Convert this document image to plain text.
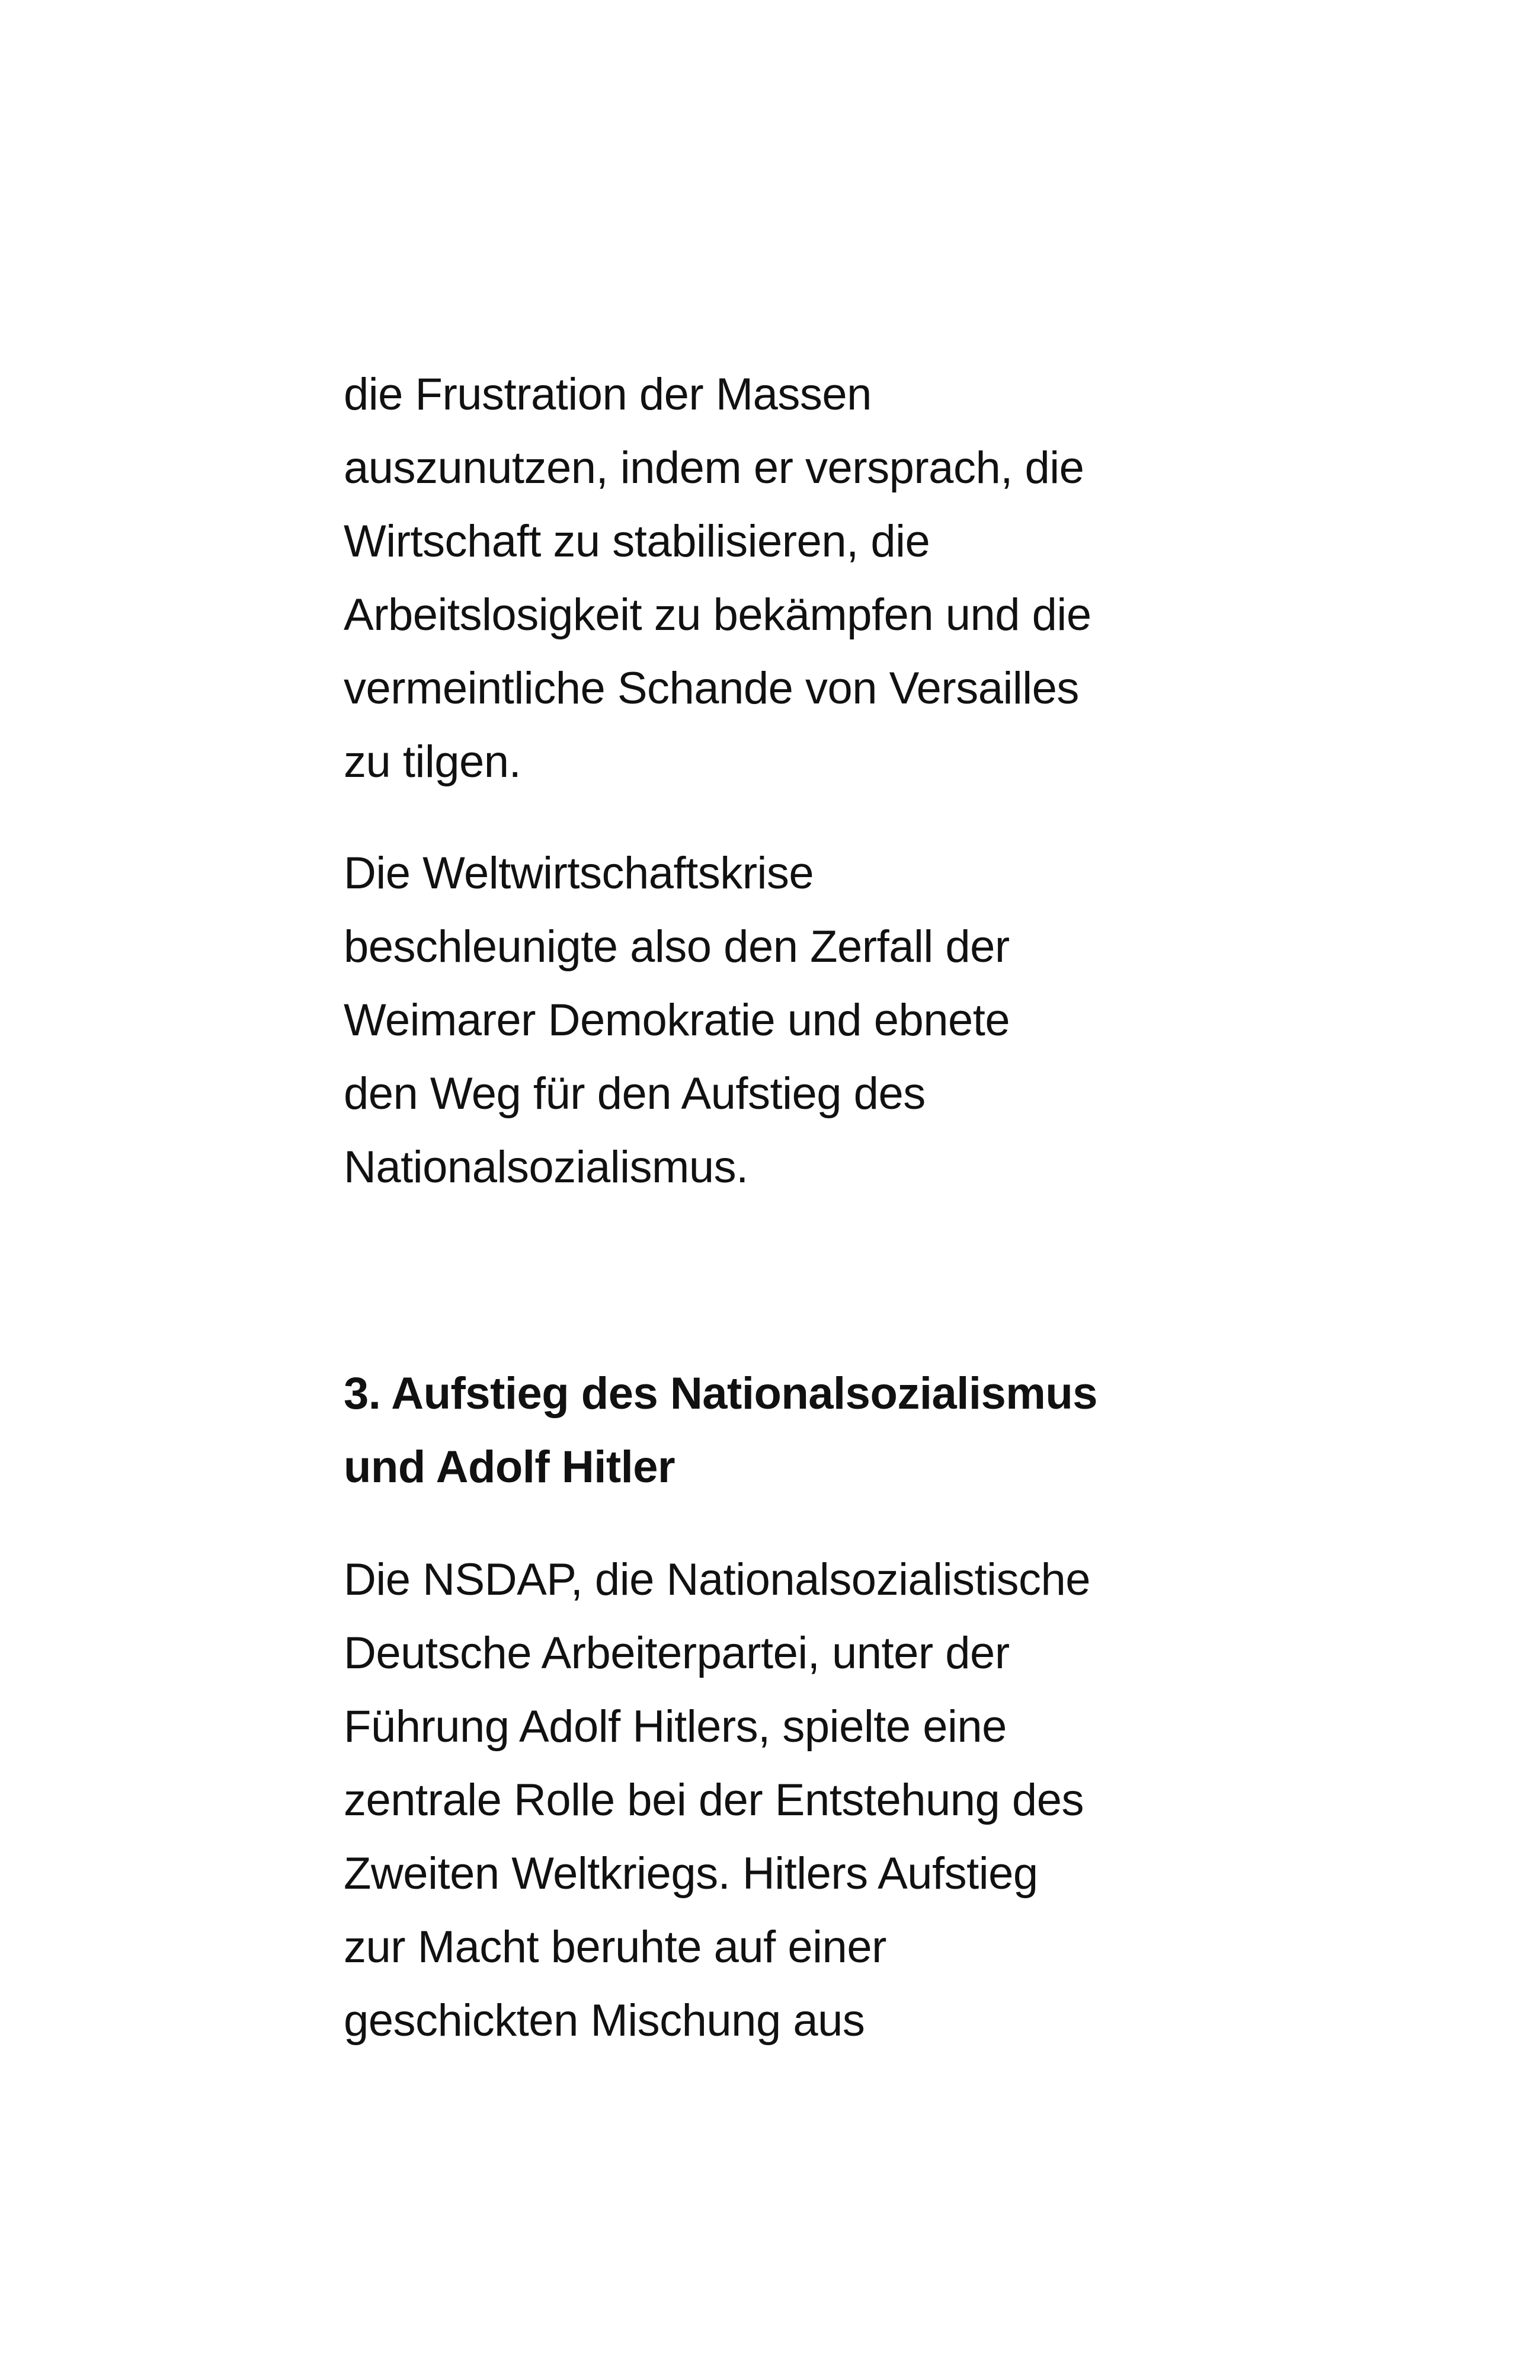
die Frustration der Massen
auszunutzen, indem er versprach, die
Wirtschaft zu stabilisieren, die
Arbeitslosigkeit zu bekämpfen und die
vermeintliche Schande von Versailles
zu tilgen.
Die Weltwirtschaftskrise
beschleunigte also den Zerfall der
Weimarer Demokratie und ebnete
den Weg für den Aufstieg des
Nationalsozialismus.
3. Aufstieg des Nationalsozialismus
und Adolf Hitler
Die NSDAP, die Nationalsozialistische
Deutsche Arbeiterpartei, unter der
Führung Adolf Hitlers, spielte eine
zentrale Rolle bei der Entstehung des
Zweiten Weltkriegs. Hitlers Aufstieg
zur Macht beruhte auf einer
geschickten Mischung aus
